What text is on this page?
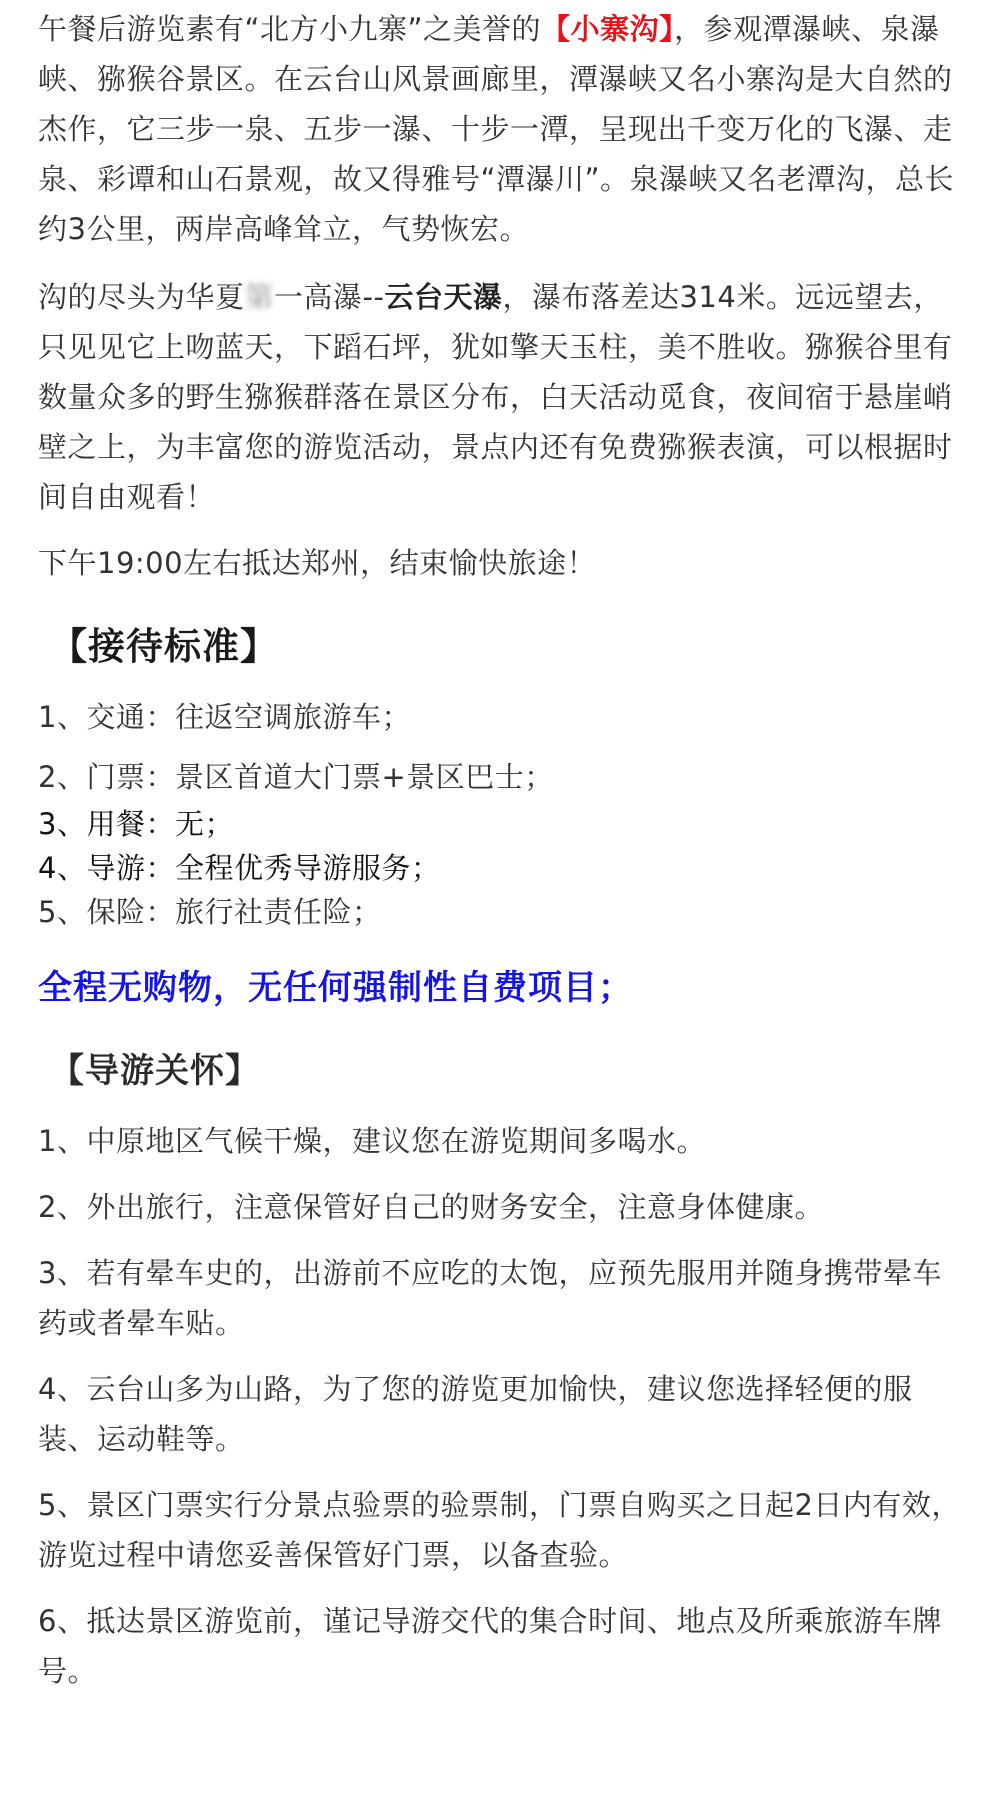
午餐后游览素有“北方小九寨”之美誉的【小寨沟】，参观潭瀑峡、泉瀑峡、猕猴谷景区。在云台山风景画廊里，潭瀑峡又名小寨沟是大自然的杰作，它三步一泉、五步一瀑、十步一潭，呈现出千变万化的飞瀑、走泉、彩谭和山石景观，故又得雅号“潭瀑川”。泉瀑峡又名老潭沟，总长约3公里，两岸高峰耸立，气势恢宏。

沟的尽头为华夏第一高瀑--云台天瀑，瀑布落差达314米。远远望去，只见见它上吻蓝天，下蹈石坪，犹如擎天玉柱，美不胜收。猕猴谷里有数量众多的野生猕猴群落在景区分布，白天活动觅食，夜间宿于悬崖峭壁之上，为丰富您的游览活动，景点内还有免费猕猴表演，可以根据时间自由观看！

下午19:00左右抵达郑州，结束愉快旅途！

【接待标准】

1、交通：往返空调旅游车；

2、门票：景区首道大门票+景区巴士；

3、用餐：无；

4、导游：全程优秀导游服务；

5、保险：旅行社责任险；

全程无购物，无任何强制性自费项目；

【导游关怀】

1、中原地区气候干燥，建议您在游览期间多喝水。

2、外出旅行，注意保管好自己的财务安全，注意身体健康。

3、若有晕车史的，出游前不应吃的太饱，应预先服用并随身携带晕车药或者晕车贴。

4、云台山多为山路，为了您的游览更加愉快，建议您选择轻便的服装、运动鞋等。

5、景区门票实行分景点验票的验票制，门票自购买之日起2日内有效，游览过程中请您妥善保管好门票，以备查验。

6、抵达景区游览前，谨记导游交代的集合时间、地点及所乘旅游车牌号。
